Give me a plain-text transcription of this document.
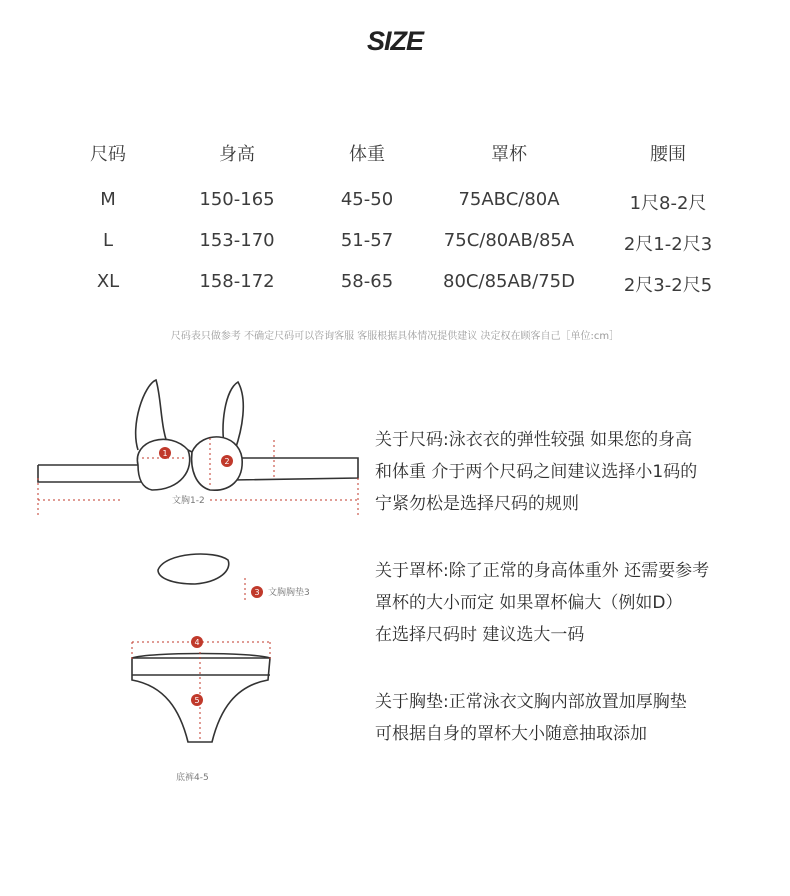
SIZE
尺码	身高	体重	罩杯	腰围
M	150-165	45-50	75ABC/80A	1尺8-2尺
L	153-170	51-57	75C/80AB/85A	2尺1-2尺3
XL	158-172	58-65	80C/85AB/75D	2尺3-2尺5
尺码表只做参考 不确定尺码可以咨询客服 客服根据具体情况提供建议 决定权在顾客自己［单位:cm］
1
2
文胸1-2
3 文胸胸垫3
4
5
底裤4-5
关于尺码:泳衣衣的弹性较强 如果您的身高
和体重 介于两个尺码之间建议选择小1码的
宁紧勿松是选择尺码的规则
关于罩杯:除了正常的身高体重外 还需要参考
罩杯的大小而定 如果罩杯偏大（例如D）
在选择尺码时 建议选大一码
关于胸垫:正常泳衣文胸内部放置加厚胸垫
可根据自身的罩杯大小随意抽取添加
